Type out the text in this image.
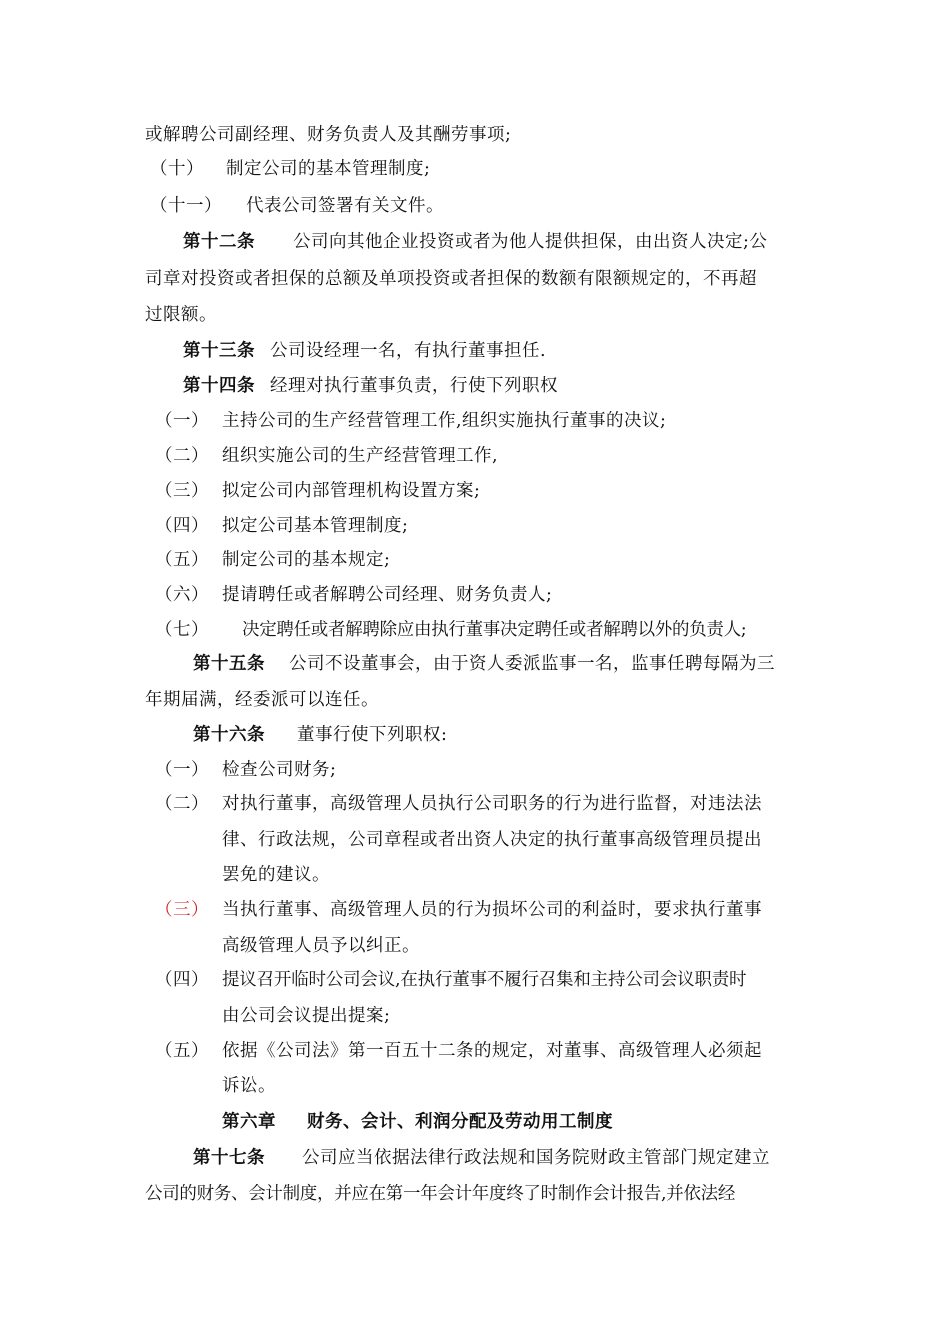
或解聘公司副经理、财务负责人及其酬劳事项;
（十） 制定公司的基本管理制度;
（十一） 代表公司签署有关文件。
第十二条 公司向其他企业投资或者为他人提供担保，由出资人决定;公
司章对投资或者担保的总额及单项投资或者担保的数额有限额规定的，不再超
过限额。
第十三条 公司设经理一名，有执行董事担任.
第十四条 经理对执行董事负责，行使下列职权
（一） 主持公司的生产经营管理工作,组织实施执行董事的决议;
（二） 组织实施公司的生产经营管理工作,
（三） 拟定公司内部管理机构设置方案;
（四） 拟定公司基本管理制度;
（五） 制定公司的基本规定;
（六） 提请聘任或者解聘公司经理、财务负责人;
（七） 决定聘任或者解聘除应由执行董事决定聘任或者解聘以外的负责人;
第十五条 公司不设董事会，由于资人委派监事一名，监事任聘每隔为三
年期届满，经委派可以连任。
第十六条 董事行使下列职权:
（一） 检查公司财务;
（二） 对执行董事，高级管理人员执行公司职务的行为进行监督，对违法法
律、行政法规，公司章程或者出资人决定的执行董事高级管理员提出
罢免的建议。
（三） 当执行董事、高级管理人员的行为损坏公司的利益时，要求执行董事
高级管理人员予以纠正。
（四） 提议召开临时公司会议,在执行董事不履行召集和主持公司会议职责时
由公司会议提出提案;
（五） 依据《公司法》第一百五十二条的规定，对董事、高级管理人必须起
诉讼。
第六章 财务、会计、利润分配及劳动用工制度
第十七条 公司应当依据法律行政法规和国务院财政主管部门规定建立
公司的财务、会计制度，并应在第一年会计年度终了时制作会计报告,并依法经
